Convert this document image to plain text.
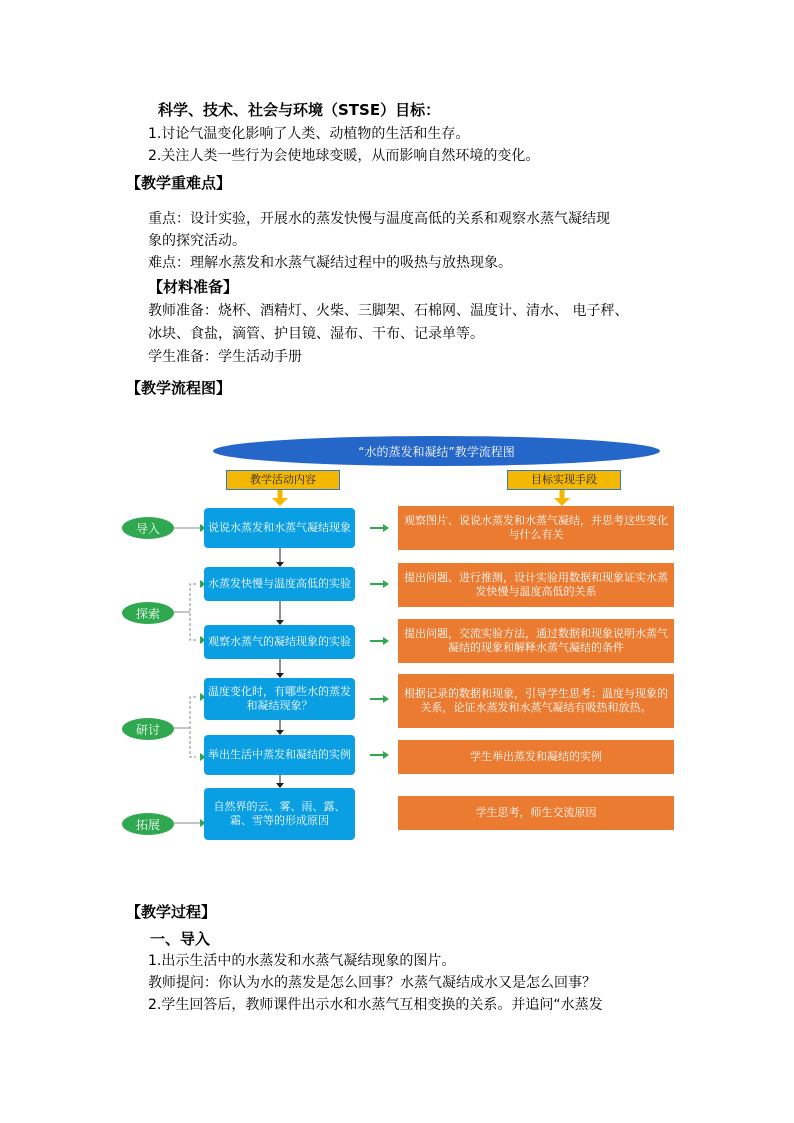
科学、技术、社会与环境（STSE）目标：
1.讨论气温变化影响了人类、动植物的生活和生存。
2.关注人类一些行为会使地球变暖，从而影响自然环境的变化。
【教学重难点】
重点：设计实验，开展水的蒸发快慢与温度高低的关系和观察水蒸气凝结现
象的探究活动。
难点：理解水蒸发和水蒸气凝结过程中的吸热与放热现象。
【材料准备】
教师准备：烧杯、酒精灯、火柴、三脚架、石棉网、温度计、清水、 电子秤、
冰块、食盐，滴管、护目镜、湿布、干布、记录单等。
学生准备：学生活动手册
【教学流程图】
“水的蒸发和凝结”教学流程图
教学活动内容	目标实现手段
导入
探索
研讨
拓展
说说水蒸发和水蒸气凝结现象
水蒸发快慢与温度高低的实验
观察水蒸气的凝结现象的实验
温度变化时，有哪些水的蒸发和凝结现象？
举出生活中蒸发和凝结的实例
自然界的云、雾、雨、露、霜、雪等的形成原因
观察图片、说说水蒸发和水蒸气凝结，并思考这些变化与什么有关
提出问题、进行推测，设计实验用数据和现象证实水蒸发快慢与温度高低的关系
提出问题，交流实验方法，通过数据和现象说明水蒸气凝结的现象和解释水蒸气凝结的条件
根据记录的数据和现象，引导学生思考：温度与现象的关系，论证水蒸发和水蒸气凝结有吸热和放热。
学生举出蒸发和凝结的实例
学生思考，师生交流原因
【教学过程】
一、导入
1.出示生活中的水蒸发和水蒸气凝结现象的图片。
教师提问：你认为水的蒸发是怎么回事？水蒸气凝结成水又是怎么回事？
2.学生回答后，教师课件出示水和水蒸气互相变换的关系。并追问“水蒸发
